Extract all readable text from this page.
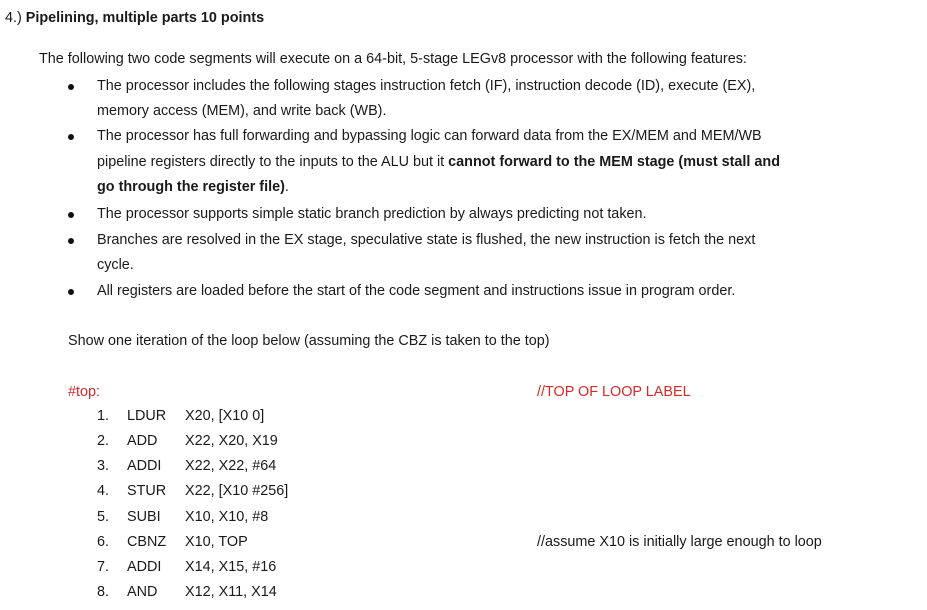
4.) Pipelining, multiple parts 10 points
The following two code segments will execute on a 64-bit, 5-stage LEGv8 processor with the following features:
The processor includes the following stages instruction fetch (IF), instruction decode (ID), execute (EX),
memory access (MEM), and write back (WB).
The processor has full forwarding and bypassing logic can forward data from the EX/MEM and MEM/WB
pipeline registers directly to the inputs to the ALU but it cannot forward to the MEM stage (must stall and
go through the register file).
The processor supports simple static branch prediction by always predicting not taken.
Branches are resolved in the EX stage, speculative state is flushed, the new instruction is fetch the next
cycle.
All registers are loaded before the start of the code segment and instructions issue in program order.
Show one iteration of the loop below (assuming the CBZ is taken to the top)
#top:	//TOP OF LOOP LABEL
1.	LDUR X20, [X10 0]
2.	ADD X22, X20, X19
3.	ADDI X22, X22, #64
4.	STUR X22, [X10 #256]
5.	SUBI X10, X10, #8
6.	CBNZ X10, TOP	//assume X10 is initially large enough to loop
7.	ADDI X14, X15, #16
8.	AND X12, X11, X14
